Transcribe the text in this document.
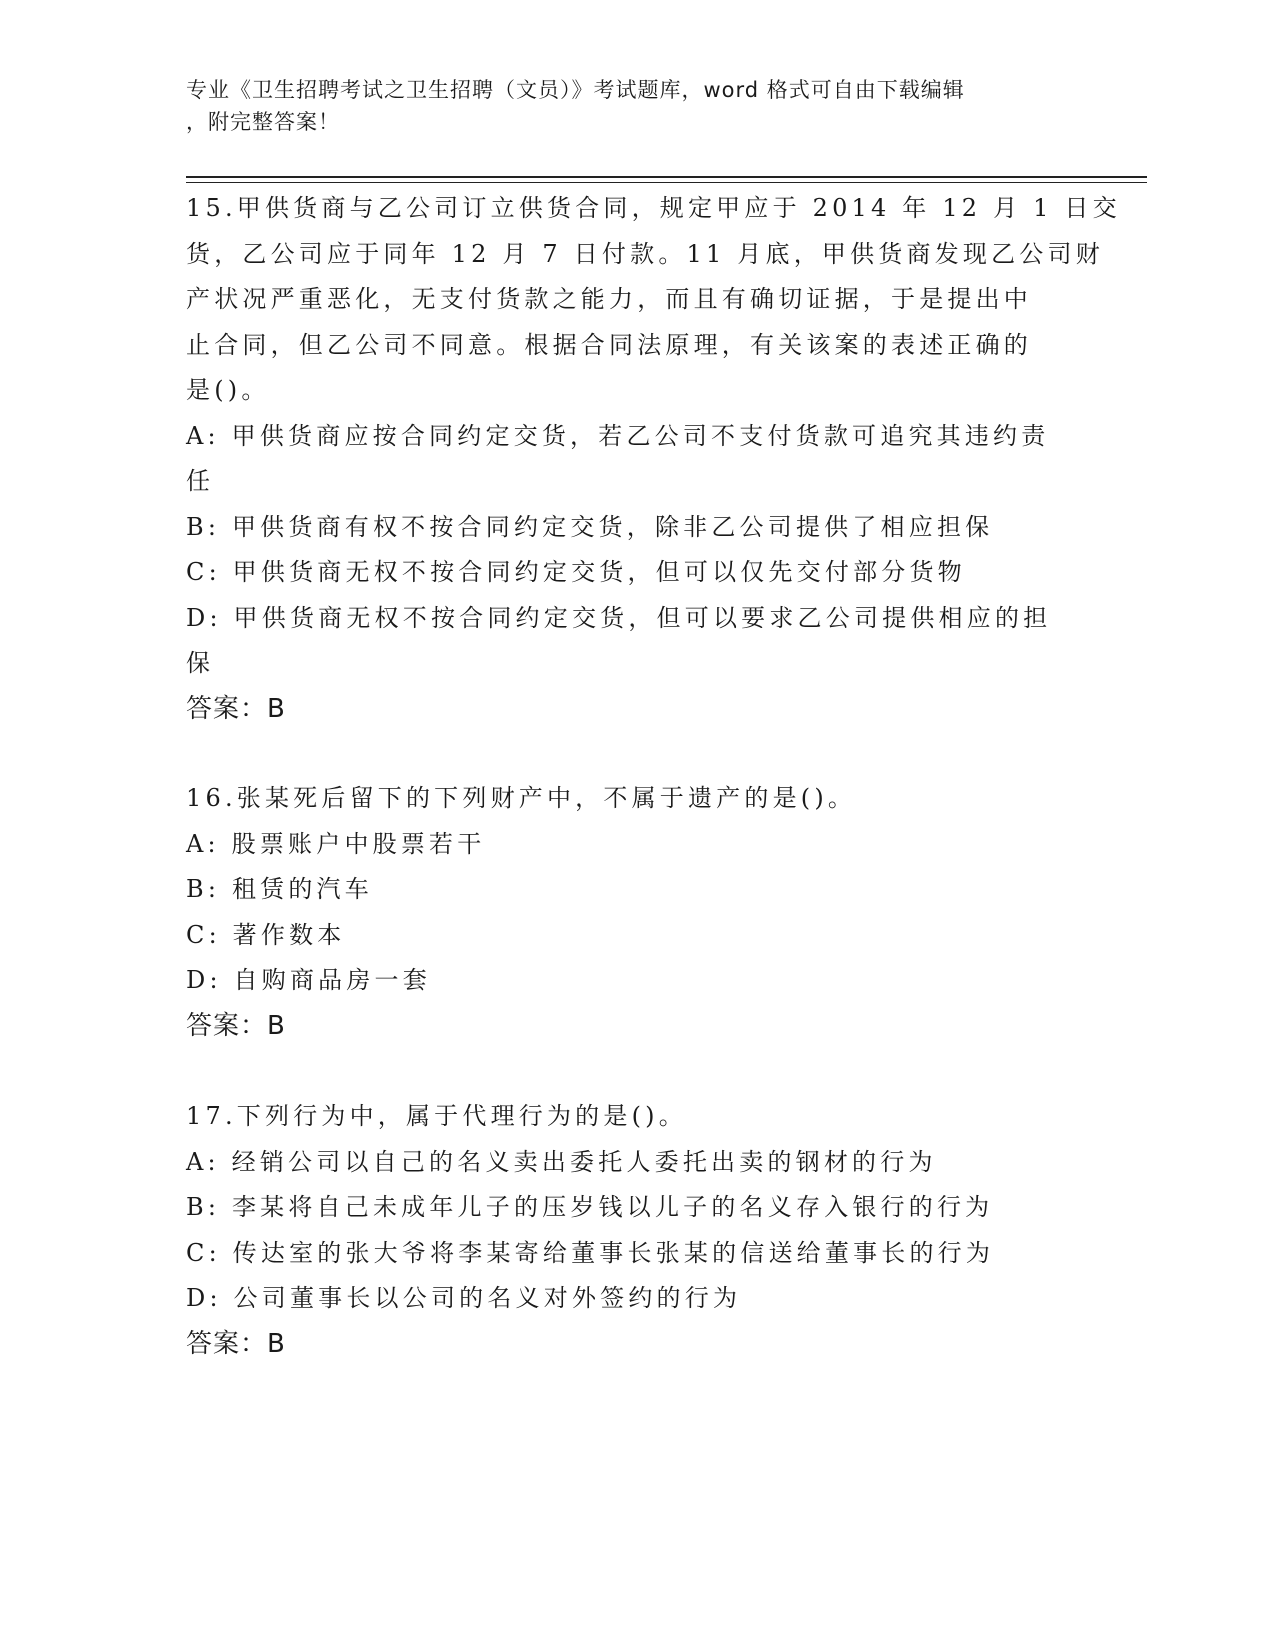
专业《卫生招聘考试之卫生招聘（文员）》考试题库，word 格式可自由下载编辑
，附完整答案！
15.甲供货商与乙公司订立供货合同，规定甲应于 2014 年 12 月 1 日交
货，乙公司应于同年 12 月 7 日付款。11 月底，甲供货商发现乙公司财
产状况严重恶化，无支付货款之能力，而且有确切证据，于是提出中
止合同，但乙公司不同意。根据合同法原理，有关该案的表述正确的
是()。
A: 甲供货商应按合同约定交货，若乙公司不支付货款可追究其违约责
任
B: 甲供货商有权不按合同约定交货，除非乙公司提供了相应担保
C: 甲供货商无权不按合同约定交货，但可以仅先交付部分货物
D: 甲供货商无权不按合同约定交货，但可以要求乙公司提供相应的担
保
答案：B
16.张某死后留下的下列财产中，不属于遗产的是()。
A: 股票账户中股票若干
B: 租赁的汽车
C: 著作数本
D: 自购商品房一套
答案：B
17.下列行为中，属于代理行为的是()。
A: 经销公司以自己的名义卖出委托人委托出卖的钢材的行为
B: 李某将自己未成年儿子的压岁钱以儿子的名义存入银行的行为
C: 传达室的张大爷将李某寄给董事长张某的信送给董事长的行为
D: 公司董事长以公司的名义对外签约的行为
答案：B
